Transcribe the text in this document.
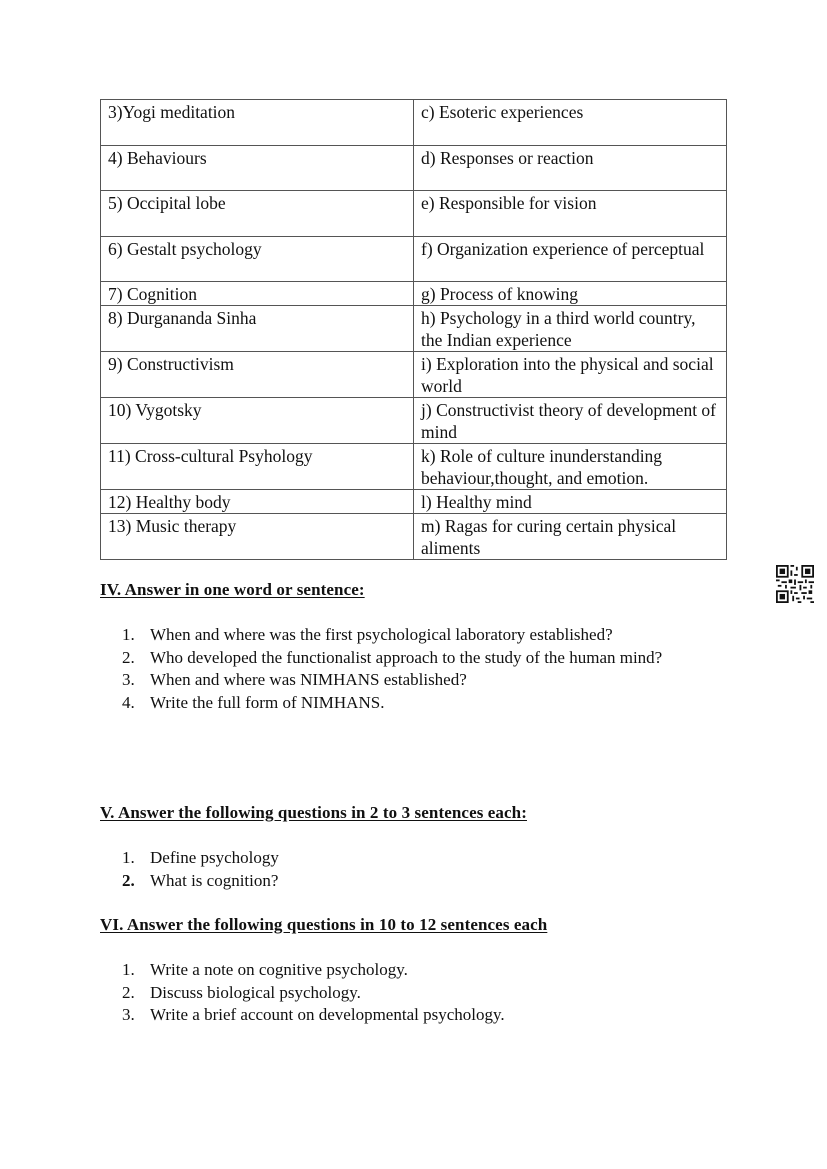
3)Yogi meditation	c) Esoteric experiences
4) Behaviours	d) Responses or reaction
5) Occipital lobe	e) Responsible for vision
6) Gestalt psychology	f) Organization experience of perceptual
7) Cognition	g) Process of knowing
8) Durganand​a Sinha	h) Psychology in a third world country, the Indian experience
9) Constructivism	i) Exploration into the physical and social world
10) Vygotsky	j) Constructivist theory of development of mind
11) Cross-cultural Psyhology	k) Role of culture inunderstanding behaviour,thought, and emotion.
12) Healthy body	l) Healthy mind
13) Music therapy	m) Ragas for curing certain physical aliments

IV. Answer in one word or sentence:

1. When and where was the first psychological laboratory established?
2. Who developed the functionalist approach to the study of the human mind?
3. When and where was NIMHANS established?
4. Write the full form of NIMHANS.

V. Answer the following questions in 2 to 3 sentences each:

1. Define psychology
2. What is cognition?

VI. Answer the following questions in 10 to 12 sentences each

1. Write a note on cognitive psychology.
2. Discuss biological psychology.
3. Write a brief account on developmental psychology.
